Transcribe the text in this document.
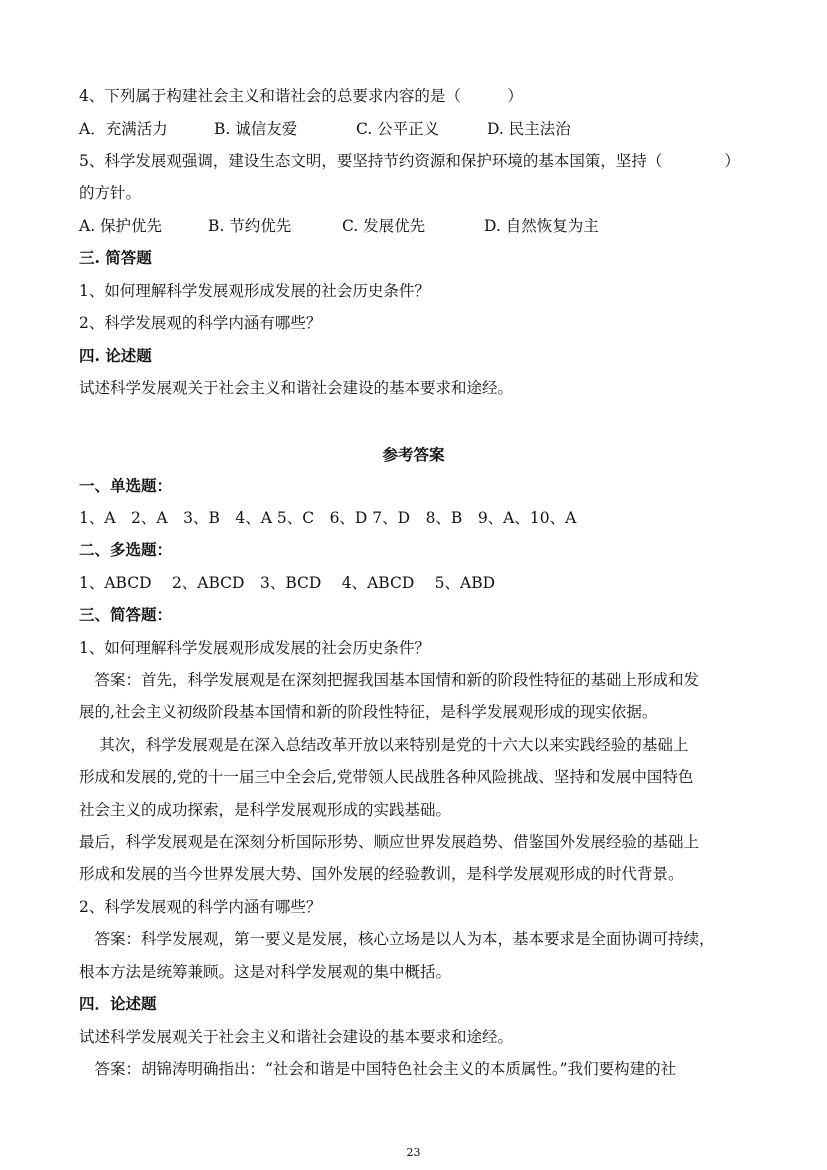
4、下列属于构建社会主义和谐社会的总要求内容的是（　　　）
A．充满活力	B. 诚信友爱	C. 公平正义	D. 民主法治
5、科学发展观强调，建设生态文明，要坚持节约资源和保护环境的基本国策，坚持（　　　　）
的方针。
A. 保护优先	B. 节约优先	C. 发展优先	D. 自然恢复为主
三. 简答题
1、如何理解科学发展观形成发展的社会历史条件？
2、科学发展观的科学内涵有哪些？
四. 论述题
试述科学发展观关于社会主义和谐社会建设的基本要求和途经。
参考答案
一、单选题：
1、A　2、A　3、B　4、A 5、C　6、D 7、D　8、B　9、A、10、A
二、多选题：
1、ABCD　 2、ABCD　3、BCD　 4、ABCD　 5、ABD
三、简答题：
1、如何理解科学发展观形成发展的社会历史条件？
　答案：首先，科学发展观是在深刻把握我国基本国情和新的阶段性特征的基础上形成和发
展的,社会主义初级阶段基本国情和新的阶段性特征，是科学发展观形成的现实依据。
　 其次，科学发展观是在深入总结改革开放以来特别是党的十六大以来实践经验的基础上
形成和发展的,党的十一届三中全会后,党带领人民战胜各种风险挑战、坚持和发展中国特色
社会主义的成功探索，是科学发展观形成的实践基础。
最后，科学发展观是在深刻分析国际形势、顺应世界发展趋势、借鉴国外发展经验的基础上
形成和发展的当今世界发展大势、国外发展的经验教训，是科学发展观形成的时代背景。
2、科学发展观的科学内涵有哪些？
　答案：科学发展观，第一要义是发展，核心立场是以人为本，基本要求是全面协调可持续，
根本方法是统筹兼顾。这是对科学发展观的集中概括。
四．论述题
试述科学发展观关于社会主义和谐社会建设的基本要求和途经。
　答案：胡锦涛明确指出：“社会和谐是中国特色社会主义的本质属性。”我们要构建的社
23
